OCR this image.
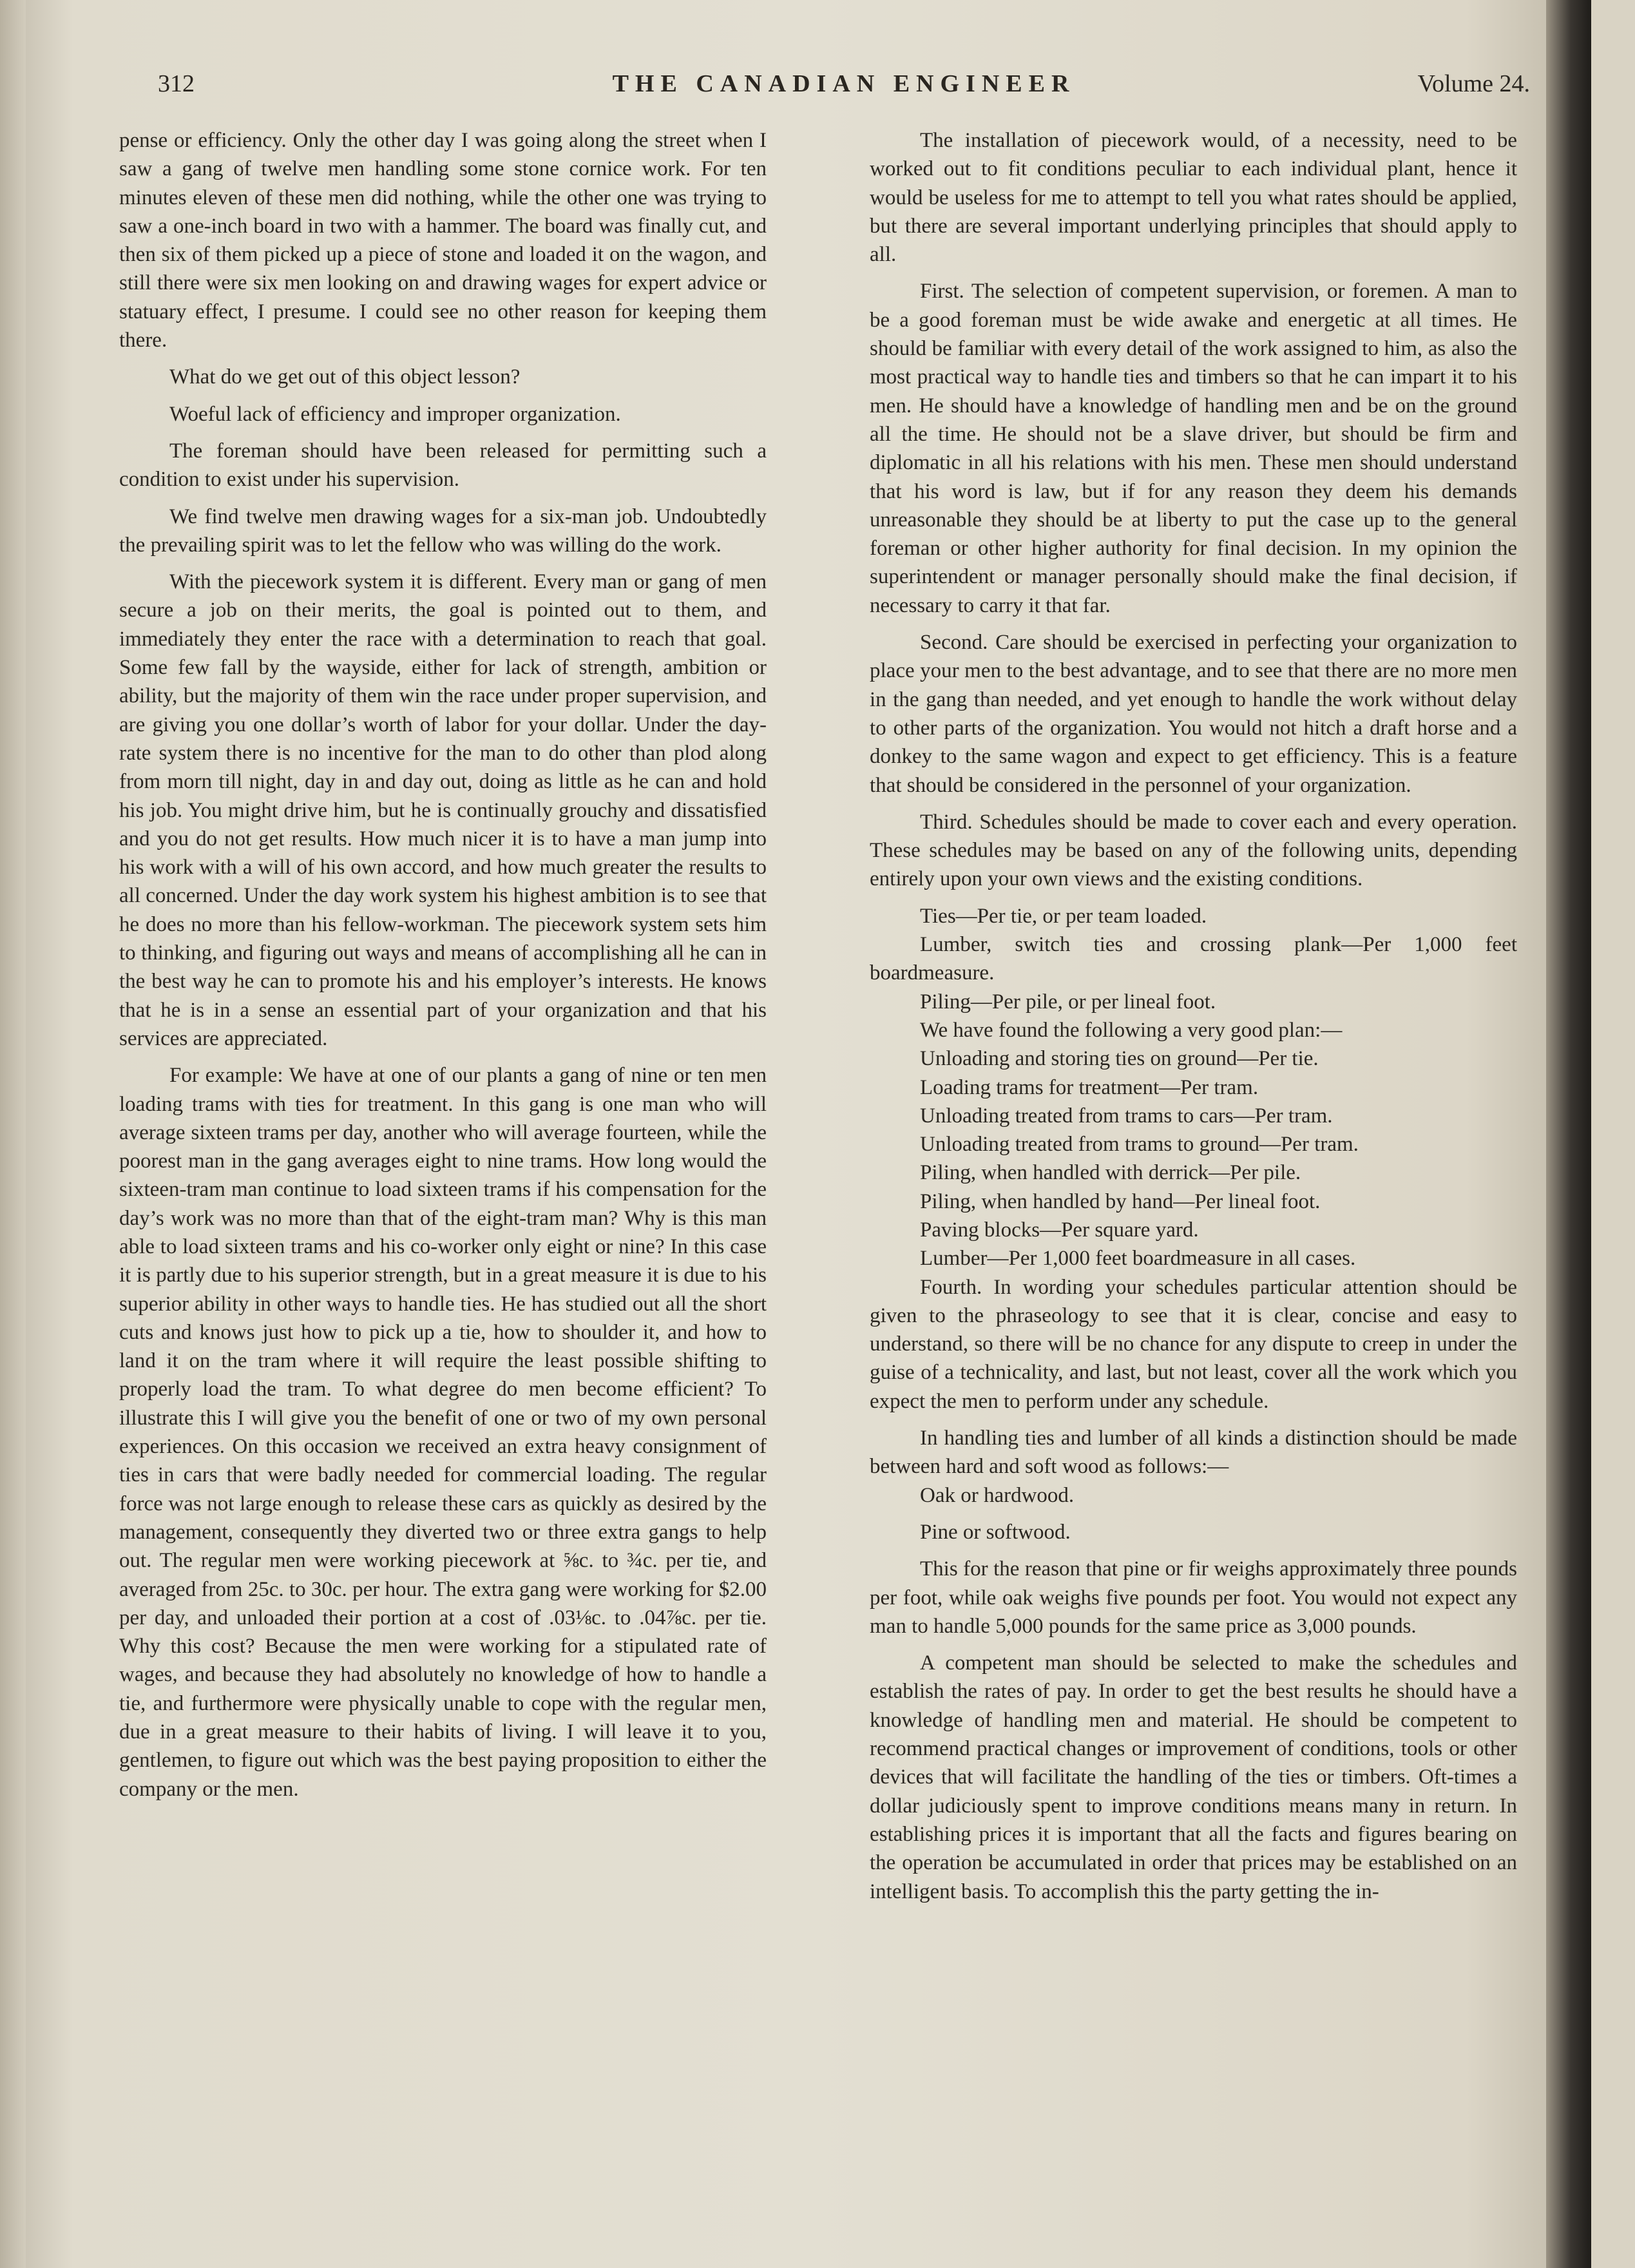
312	THE CANADIAN ENGINEER	Volume 24.

pense or efficiency. Only the other day I was going along the street when I saw a gang of twelve men handling some stone cornice work. For ten minutes eleven of these men did nothing, while the other one was trying to saw a one-inch board in two with a hammer. The board was finally cut, and then six of them picked up a piece of stone and loaded it on the wagon, and still there were six men looking on and drawing wages for expert advice or statuary effect, I presume. I could see no other reason for keeping them there.

What do we get out of this object lesson?

Woeful lack of efficiency and improper organization.

The foreman should have been released for permitting such a condition to exist under his supervision.

We find twelve men drawing wages for a six-man job. Undoubtedly the prevailing spirit was to let the fellow who was willing do the work.

With the piecework system it is different. Every man or gang of men secure a job on their merits, the goal is pointed out to them, and immediately they enter the race with a determination to reach that goal. Some few fall by the wayside, either for lack of strength, ambition or ability, but the majority of them win the race under proper supervision, and are giving you one dollar’s worth of labor for your dollar. Under the day-rate system there is no incentive for the man to do other than plod along from morn till night, day in and day out, doing as little as he can and hold his job. You might drive him, but he is continually grouchy and dissatisfied and you do not get results. How much nicer it is to have a man jump into his work with a will of his own accord, and how much greater the results to all concerned. Under the day work system his highest ambition is to see that he does no more than his fellow-workman. The piecework system sets him to thinking, and figuring out ways and means of accomplishing all he can in the best way he can to promote his and his employer’s interests. He knows that he is in a sense an essential part of your organization and that his services are appreciated.

For example: We have at one of our plants a gang of nine or ten men loading trams with ties for treatment. In this gang is one man who will average sixteen trams per day, another who will average fourteen, while the poorest man in the gang averages eight to nine trams. How long would the sixteen-tram man continue to load sixteen trams if his compensation for the day’s work was no more than that of the eight-tram man? Why is this man able to load sixteen trams and his co-worker only eight or nine? In this case it is partly due to his superior strength, but in a great measure it is due to his superior ability in other ways to handle ties. He has studied out all the short cuts and knows just how to pick up a tie, how to shoulder it, and how to land it on the tram where it will require the least possible shifting to properly load the tram. To what degree do men become efficient? To illustrate this I will give you the benefit of one or two of my own personal experiences. On this occasion we received an extra heavy consignment of ties in cars that were badly needed for commercial loading. The regular force was not large enough to release these cars as quickly as desired by the management, consequently they diverted two or three extra gangs to help out. The regular men were working piecework at ⅝c. to ¾c. per tie, and averaged from 25c. to 30c. per hour. The extra gang were working for $2.00 per day, and unloaded their portion at a cost of .03⅛c. to .04⅞c. per tie. Why this cost? Because the men were working for a stipulated rate of wages, and because they had absolutely no knowledge of how to handle a tie, and furthermore were physically unable to cope with the regular men, due in a great measure to their habits of living. I will leave it to you, gentlemen, to figure out which was the best paying proposition to either the company or the men.

The installation of piecework would, of a necessity, need to be worked out to fit conditions peculiar to each individual plant, hence it would be useless for me to attempt to tell you what rates should be applied, but there are several important underlying principles that should apply to all.

First. The selection of competent supervision, or foremen. A man to be a good foreman must be wide awake and energetic at all times. He should be familiar with every detail of the work assigned to him, as also the most practical way to handle ties and timbers so that he can impart it to his men. He should have a knowledge of handling men and be on the ground all the time. He should not be a slave driver, but should be firm and diplomatic in all his relations with his men. These men should understand that his word is law, but if for any reason they deem his demands unreasonable they should be at liberty to put the case up to the general foreman or other higher authority for final decision. In my opinion the superintendent or manager personally should make the final decision, if necessary to carry it that far.

Second. Care should be exercised in perfecting your organization to place your men to the best advantage, and to see that there are no more men in the gang than needed, and yet enough to handle the work without delay to other parts of the organization. You would not hitch a draft horse and a donkey to the same wagon and expect to get efficiency. This is a feature that should be considered in the personnel of your organization.

Third. Schedules should be made to cover each and every operation. These schedules may be based on any of the following units, depending entirely upon your own views and the existing conditions.

Ties—Per tie, or per team loaded.

Lumber, switch ties and crossing plank—Per 1,000 feet boardmeasure.

Piling—Per pile, or per lineal foot.

We have found the following a very good plan:—

Unloading and storing ties on ground—Per tie.

Loading trams for treatment—Per tram.

Unloading treated from trams to cars—Per tram.

Unloading treated from trams to ground—Per tram.

Piling, when handled with derrick—Per pile.

Piling, when handled by hand—Per lineal foot.

Paving blocks—Per square yard.

Lumber—Per 1,000 feet boardmeasure in all cases.

Fourth. In wording your schedules particular attention should be given to the phraseology to see that it is clear, concise and easy to understand, so there will be no chance for any dispute to creep in under the guise of a technicality, and last, but not least, cover all the work which you expect the men to perform under any schedule.

In handling ties and lumber of all kinds a distinction should be made between hard and soft wood as follows:—

Oak or hardwood.

Pine or softwood.

This for the reason that pine or fir weighs approximately three pounds per foot, while oak weighs five pounds per foot. You would not expect any man to handle 5,000 pounds for the same price as 3,000 pounds.

A competent man should be selected to make the schedules and establish the rates of pay. In order to get the best results he should have a knowledge of handling men and material. He should be competent to recommend practical changes or improvement of conditions, tools or other devices that will facilitate the handling of the ties or timbers. Oft-times a dollar judiciously spent to improve conditions means many in return. In establishing prices it is important that all the facts and figures bearing on the operation be accumulated in order that prices may be established on an intelligent basis. To accomplish this the party getting the in-
